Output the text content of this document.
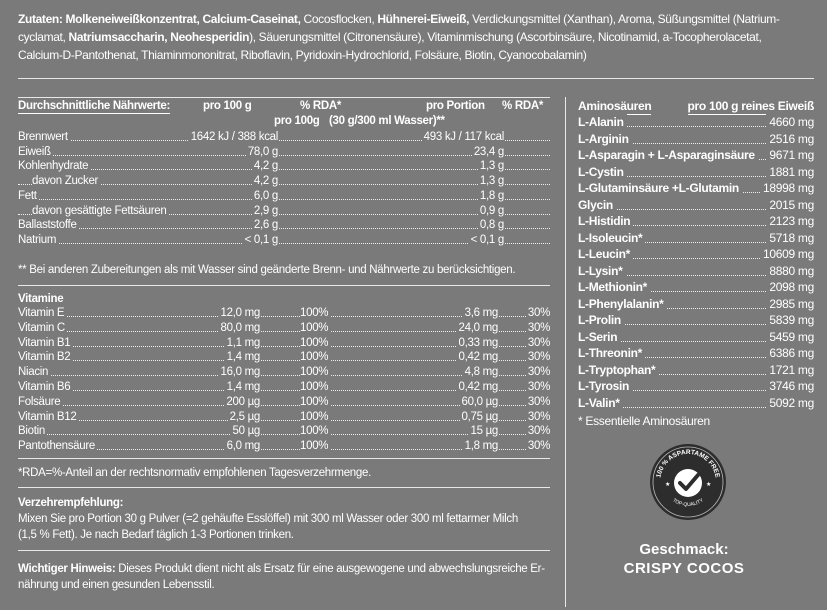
Zutaten: Molkeneiweißkonzentrat, Calcium-Caseinat, Cocosflocken, Hühnerei-Eiweiß, Verdickungsmittel (Xanthan), Aroma, Süßungsmittel (Natrium-cyclamat, Natriumsaccharin, Neohesperidin), Säuerungsmittel (Citronensäure), Vitaminmischung (Ascorbinsäure, Nicotinamid, a-Tocopherolacetat, Calcium-D-Pantothenat, Thiaminmononitrat, Riboflavin, Pyridoxin-Hydrochlorid, Folsäure, Biotin, Cyanocobalamin)
Durchschnittliche Nährwerte:	pro 100 g	% RDA*	pro Portion % RDA*
pro 100g (30 g/300 ml Wasser)**
Brennwert	1642 kJ / 388 kcal	493 kJ / 117 kcal
Eiweiß	78,0 g	23,4 g
Kohlenhydrate	4,2 g	1,3 g
davon Zucker	4,2 g	1,3 g
Fett	6,0 g	1,8 g
davon gesättigte Fettsäuren	2,9 g	0,9 g
Ballaststoffe	2,6 g	0,8 g
Natrium	< 0,1 g	< 0,1 g
** Bei anderen Zubereitungen als mit Wasser sind geänderte Brenn- und Nährwerte zu berücksichtigen.
Vitamine
Vitamin E	12,0 mg	100%	3,6 mg	30%
Vitamin C	80,0 mg	100%	24,0 mg	30%
Vitamin B1	1,1 mg	100%	0,33 mg	30%
Vitamin B2	1,4 mg	100%	0,42 mg	30%
Niacin	16,0 mg	100%	4,8 mg	30%
Vitamin B6	1,4 mg	100%	0,42 mg	30%
Folsäure	200 µg	100%	60,0 µg	30%
Vitamin B12	2,5 µg	100%	0,75 µg	30%
Biotin	50 µg	100%	15 µg	30%
Pantothensäure	6,0 mg	100%	1,8 mg	30%
*RDA=%-Anteil an der rechtsnormativ empfohlenen Tagesverzehrmenge.
Verzehrempfehlung:
Mixen Sie pro Portion 30 g Pulver (=2 gehäufte Esslöffel) mit 300 ml Wasser oder 300 ml fettarmer Milch
(1,5 % Fett). Je nach Bedarf täglich 1-3 Portionen trinken.
Wichtiger Hinweis: Dieses Produkt dient nicht als Ersatz für eine ausgewogene und abwechslungsreiche Er-
nährung und einen gesunden Lebensstil.
Aminosäuren	pro 100 g reines Eiweiß
L-Alanin	4660 mg
L-Arginin	2516 mg
L-Asparagin + L-Asparaginsäure 9671 mg
L-Cystin	1881 mg
L-Glutaminsäure +L-Glutamin 18998 mg
Glycin	2015 mg
L-Histidin	2123 mg
L-Isoleucin*	5718 mg
L-Leucin*	10609 mg
L-Lysin*	8880 mg
L-Methionin*	2098 mg
L-Phenylalanin*	2985 mg
L-Prolin	5839 mg
L-Serin	5459 mg
L-Threonin*	6386 mg
L-Tryptophan*	1721 mg
L-Tyrosin	3746 mg
L-Valin*	5092 mg
* Essentielle Aminosäuren
100 % ASPARTAME FREE
TOP-QUALITY
★	★
Geschmack:
CRISPY COCOS
